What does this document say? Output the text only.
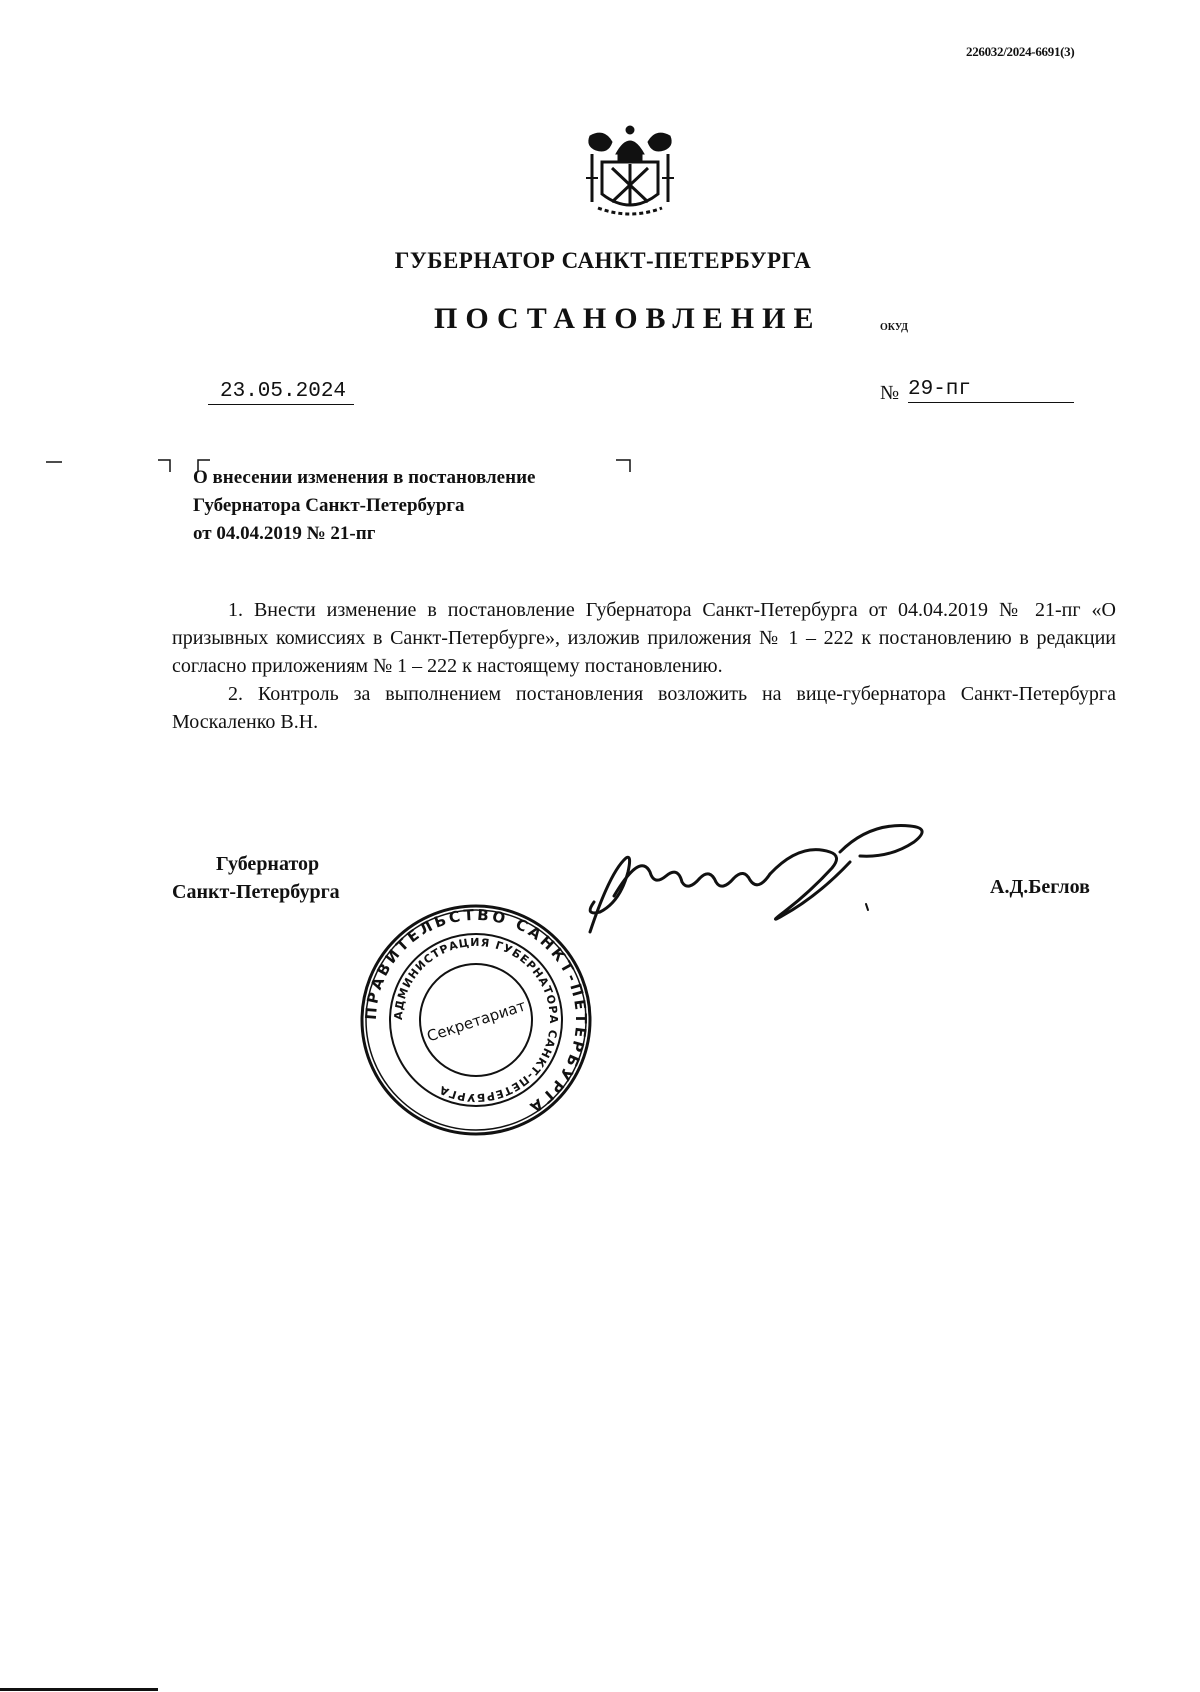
226032/2024-6691(3)
ГУБЕРНАТОР САНКТ-ПЕТЕРБУРГА
ПОСТАНОВЛЕНИЕ	ОКУД
23.05.2024	№ 29-пг
О внесении изменения в постановление
Губернатора Санкт-Петербурга
от 04.04.2019 № 21-пг

1. Внести изменение в постановление Губернатора Санкт-Петербурга от 04.04.2019 № 21-пг «О призывных комиссиях в Санкт-Петербурге», изложив приложения № 1 – 222 к постановлению в редакции согласно приложениям № 1 – 222 к настоящему постановлению.

2. Контроль за выполнением постановления возложить на вице-губернатора Санкт-Петербурга Москаленко В.Н.

Губернатор
Санкт-Петербурга	А.Д.Беглов
ПРАВИТЕЛЬСТВО САНКТ-ПЕТЕРБУРГА
АДМИНИСТРАЦИЯ ГУБЕРНАТОРА САНКТ-ПЕТЕРБУРГА
Секретариат
